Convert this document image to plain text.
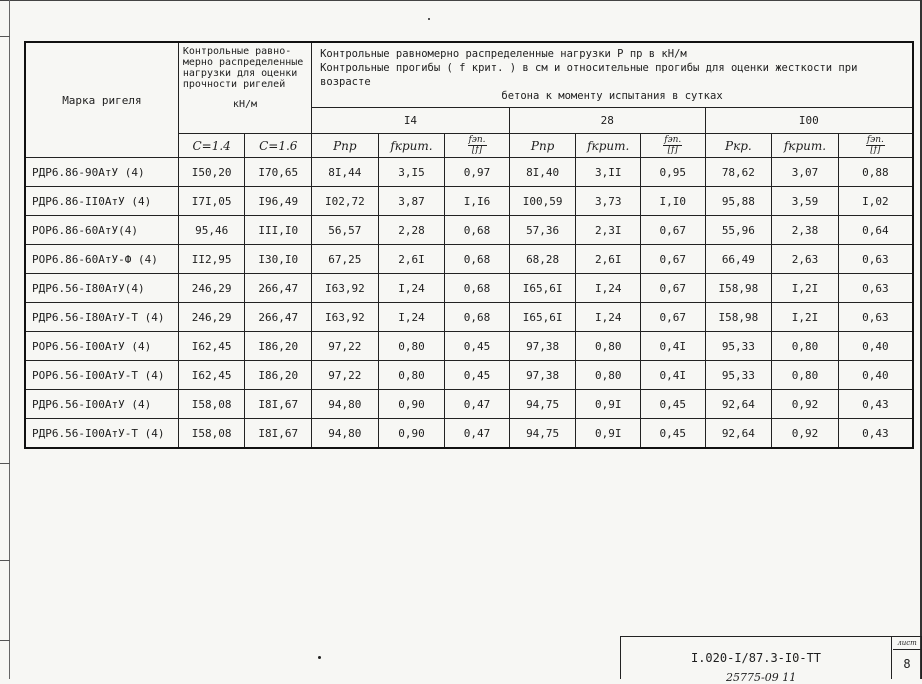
Марка ригеля	Контрольные равно-мерно распределенные нагрузки для оценки прочности ригелей
кН/м		Контрольные равномерно распределенные нагрузки Р пр в кН/м
Контрольные прогибы ( f крит. ) в см и относительные прогибы для оценки жесткости при возрасте
бетона к моменту испытания в сутках								

			I4			28			I00		
	C=1.4	C=1.6	Pпр	fкрит.	$\frac{\text{fэп.}}{[f]}$	Pпр	fкрит.	$\frac{\text{fэп.}}{[f]}$	Pкр.	fкрит.	$\frac{\text{fэп.}}{[f]}$

РДР6.86-90АтУ (4)	I50,20	I70,65	8I,44	3,I5	0,97	8I,40	3,II	0,95	78,62	3,07	0,88
РДР6.86-II0АтУ (4)	I7I,05	I96,49	I02,72	3,87	I,I6	I00,59	3,73	I,I0	95,88	3,59	I,02
РОР6.86-60АтУ(4)	95,46	III,I0	56,57	2,28	0,68	57,36	2,3I	0,67	55,96	2,38	0,64
РОР6.86-60АтУ-Ф (4)	II2,95	I30,I0	67,25	2,6I	0,68	68,28	2,6I	0,67	66,49	2,63	0,63
РДР6.56-I80АтУ(4)	246,29	266,47	I63,92	I,24	0,68	I65,6I	I,24	0,67	I58,98	I,2I	0,63
РДР6.56-I80АтУ-Т (4)	246,29	266,47	I63,92	I,24	0,68	I65,6I	I,24	0,67	I58,98	I,2I	0,63
РОР6.56-I00АтУ (4)	I62,45	I86,20	97,22	0,80	0,45	97,38	0,80	0,4I	95,33	0,80	0,40
РОР6.56-I00АтУ-Т (4)	I62,45	I86,20	97,22	0,80	0,45	97,38	0,80	0,4I	95,33	0,80	0,40
РДР6.56-I00АтУ (4)	I58,08	I8I,67	94,80	0,90	0,47	94,75	0,9I	0,45	92,64	0,92	0,43
РДР6.56-I00АтУ-Т (4)	I58,08	I8I,67	94,80	0,90	0,47	94,75	0,9I	0,45	92,64	0,92	0,43
I.020-I/87.3-I0-ТТ
лист
8
25775-09 11
